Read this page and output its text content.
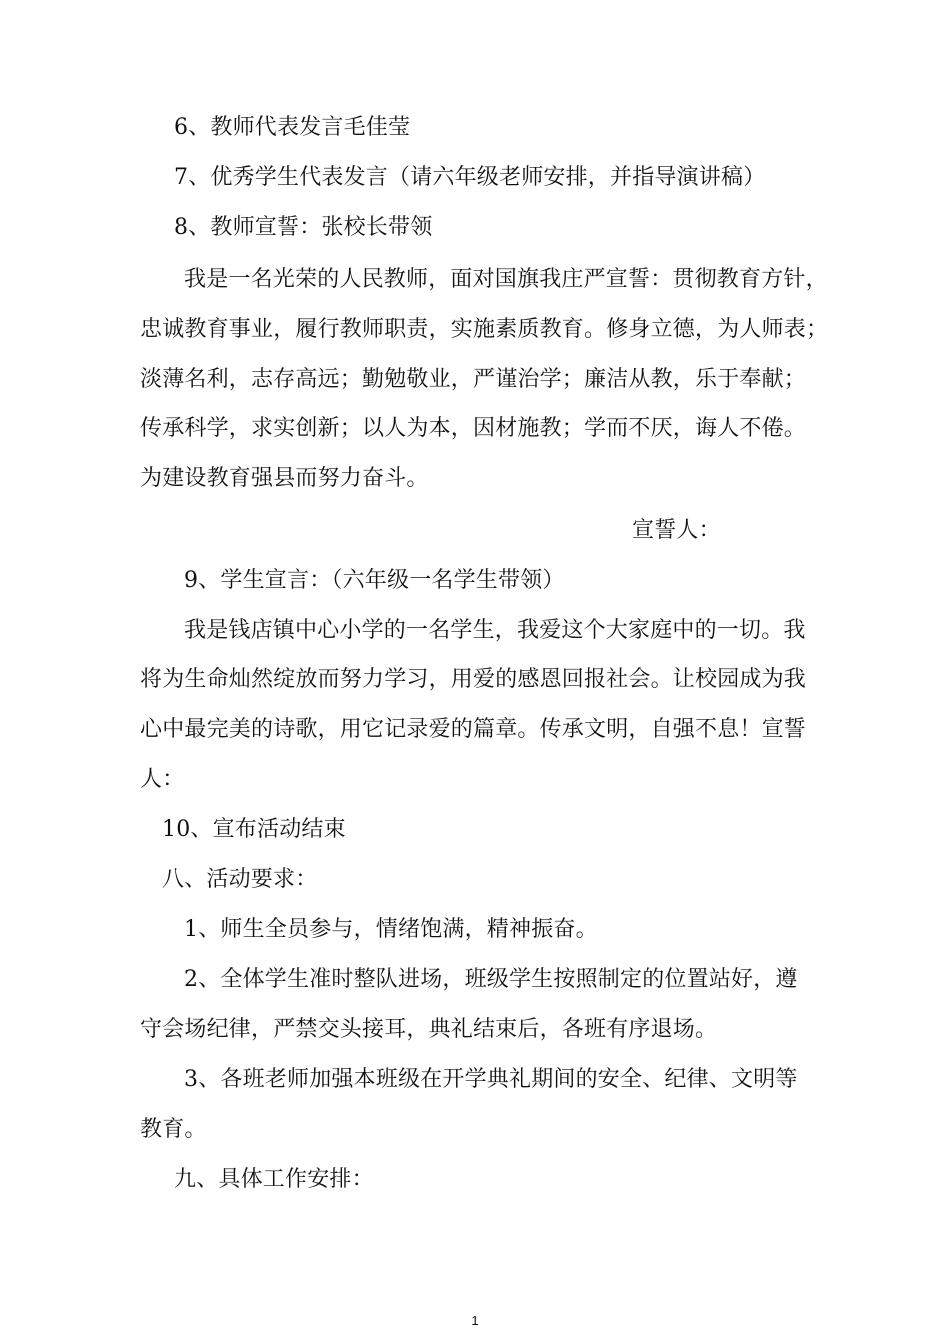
6、教师代表发言毛佳莹
7、优秀学生代表发言（请六年级老师安排，并指导演讲稿）
8、教师宣誓：张校长带领
我是一名光荣的人民教师，面对国旗我庄严宣誓：贯彻教育方针，
忠诚教育事业，履行教师职责，实施素质教育。修身立德，为人师表；
淡薄名利，志存高远；勤勉敬业，严谨治学；廉洁从教，乐于奉献；
传承科学，求实创新；以人为本，因材施教；学而不厌，诲人不倦。
为建设教育强县而努力奋斗。
宣誓人：
9、学生宣言：（六年级一名学生带领）
我是钱店镇中心小学的一名学生，我爱这个大家庭中的一切。我
将为生命灿然绽放而努力学习，用爱的感恩回报社会。让校园成为我
心中最完美的诗歌，用它记录爱的篇章。传承文明，自强不息！宣誓
人：
10、宣布活动结束
八、活动要求：
1、师生全员参与，情绪饱满，精神振奋。
2、全体学生准时整队进场，班级学生按照制定的位置站好，遵
守会场纪律，严禁交头接耳，典礼结束后，各班有序退场。
3、各班老师加强本班级在开学典礼期间的安全、纪律、文明等
教育。
九、具体工作安排：
1
